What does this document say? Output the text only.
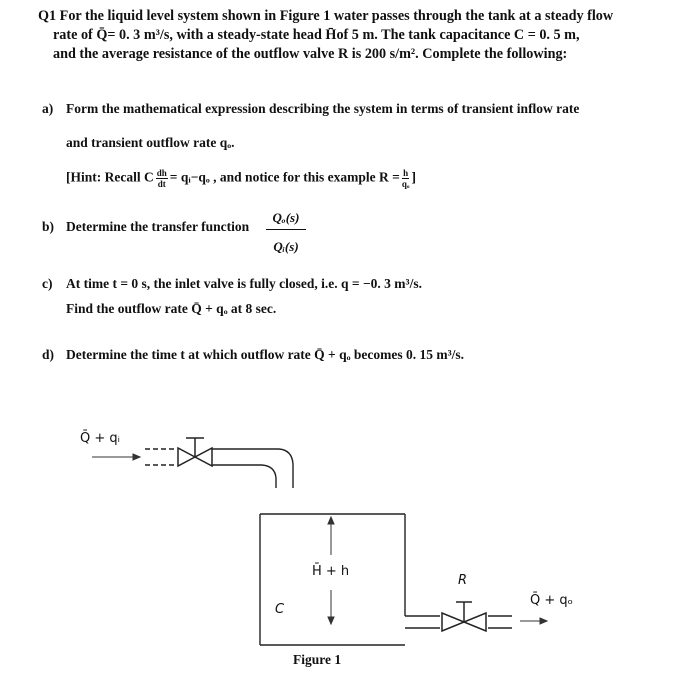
Q1 For the liquid level system shown in Figure 1 water passes through the tank at a steady flow
rate of Q̄= 0. 3 m³/s, with a steady-state head H̄of 5 m. The tank capacitance C = 0. 5 m,
and the average resistance of the outflow valve R is 200 s/m². Complete the following:
a) Form the mathematical expression describing the system in terms of transient inflow rate
and transient outflow rate qₒ.
[Hint: Recall C $\frac{dh}{dt}$ = qᵢ−qₒ , and notice for this example $R = \frac{h}{\text{qₒ}}$ ]
b) Determine the transfer function $\frac{\text{Qₒ(s)}}{\text{Qᵢ(s)}}$
c) At time t = 0 s, the inlet valve is fully closed, i.e. q = −0. 3 m³/s.
Find the outflow rate Q̄ + qₒ at 8 sec.
d) Determine the time t at which outflow rate Q̄ + qₒ becomes 0. 15 m³/s.
Q̄ + qᵢ
H̄ + h
C
R
Q̄ + qₒ
Figure 1
